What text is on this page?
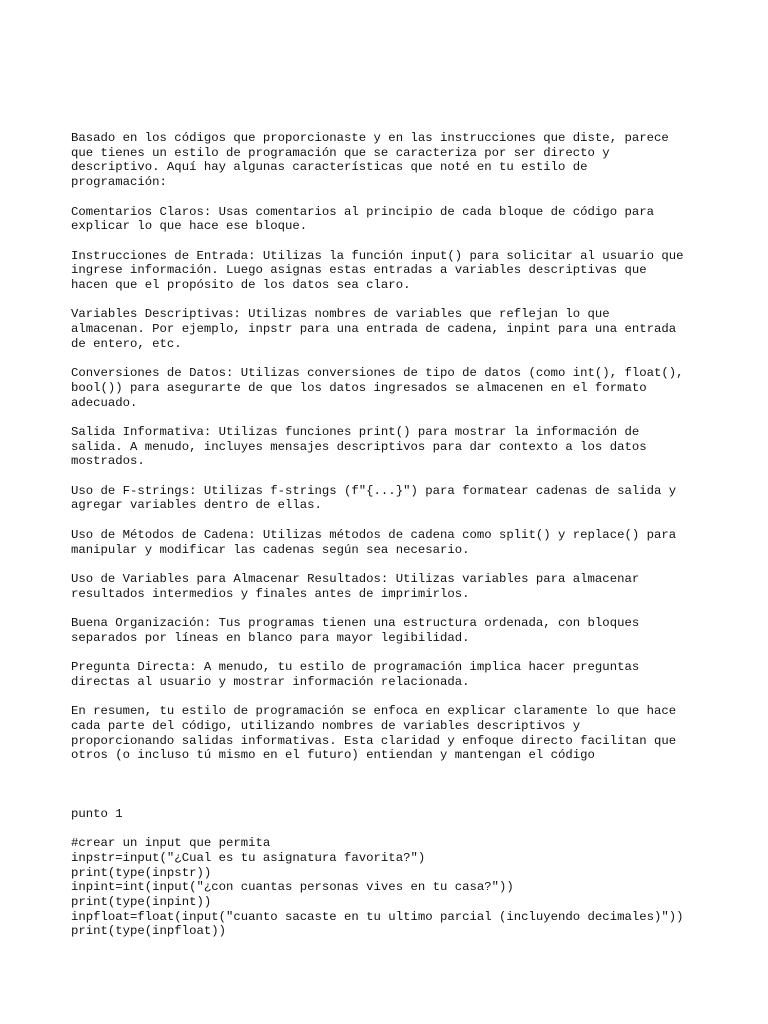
Basado en los códigos que proporcionaste y en las instrucciones que diste, parece
que tienes un estilo de programación que se caracteriza por ser directo y
descriptivo. Aquí hay algunas características que noté en tu estilo de
programación:

Comentarios Claros: Usas comentarios al principio de cada bloque de código para
explicar lo que hace ese bloque.

Instrucciones de Entrada: Utilizas la función input() para solicitar al usuario que
ingrese información. Luego asignas estas entradas a variables descriptivas que
hacen que el propósito de los datos sea claro.

Variables Descriptivas: Utilizas nombres de variables que reflejan lo que
almacenan. Por ejemplo, inpstr para una entrada de cadena, inpint para una entrada
de entero, etc.

Conversiones de Datos: Utilizas conversiones de tipo de datos (como int(), float(),
bool()) para asegurarte de que los datos ingresados se almacenen en el formato
adecuado.

Salida Informativa: Utilizas funciones print() para mostrar la información de
salida. A menudo, incluyes mensajes descriptivos para dar contexto a los datos
mostrados.

Uso de F-strings: Utilizas f-strings (f"{...}") para formatear cadenas de salida y
agregar variables dentro de ellas.

Uso de Métodos de Cadena: Utilizas métodos de cadena como split() y replace() para
manipular y modificar las cadenas según sea necesario.

Uso de Variables para Almacenar Resultados: Utilizas variables para almacenar
resultados intermedios y finales antes de imprimirlos.

Buena Organización: Tus programas tienen una estructura ordenada, con bloques
separados por líneas en blanco para mayor legibilidad.

Pregunta Directa: A menudo, tu estilo de programación implica hacer preguntas
directas al usuario y mostrar información relacionada.

En resumen, tu estilo de programación se enfoca en explicar claramente lo que hace
cada parte del código, utilizando nombres de variables descriptivos y
proporcionando salidas informativas. Esta claridad y enfoque directo facilitan que
otros (o incluso tú mismo en el futuro) entiendan y mantengan el código

punto 1

#crear un input que permita

inpstr=input("¿Cual es tu asignatura favorita?")

print(type(inpstr))

inpint=int(input("¿con cuantas personas vives en tu casa?"))

print(type(inpint))

inpfloat=float(input("cuanto sacaste en tu ultimo parcial (incluyendo decimales)"))

print(type(inpfloat))
